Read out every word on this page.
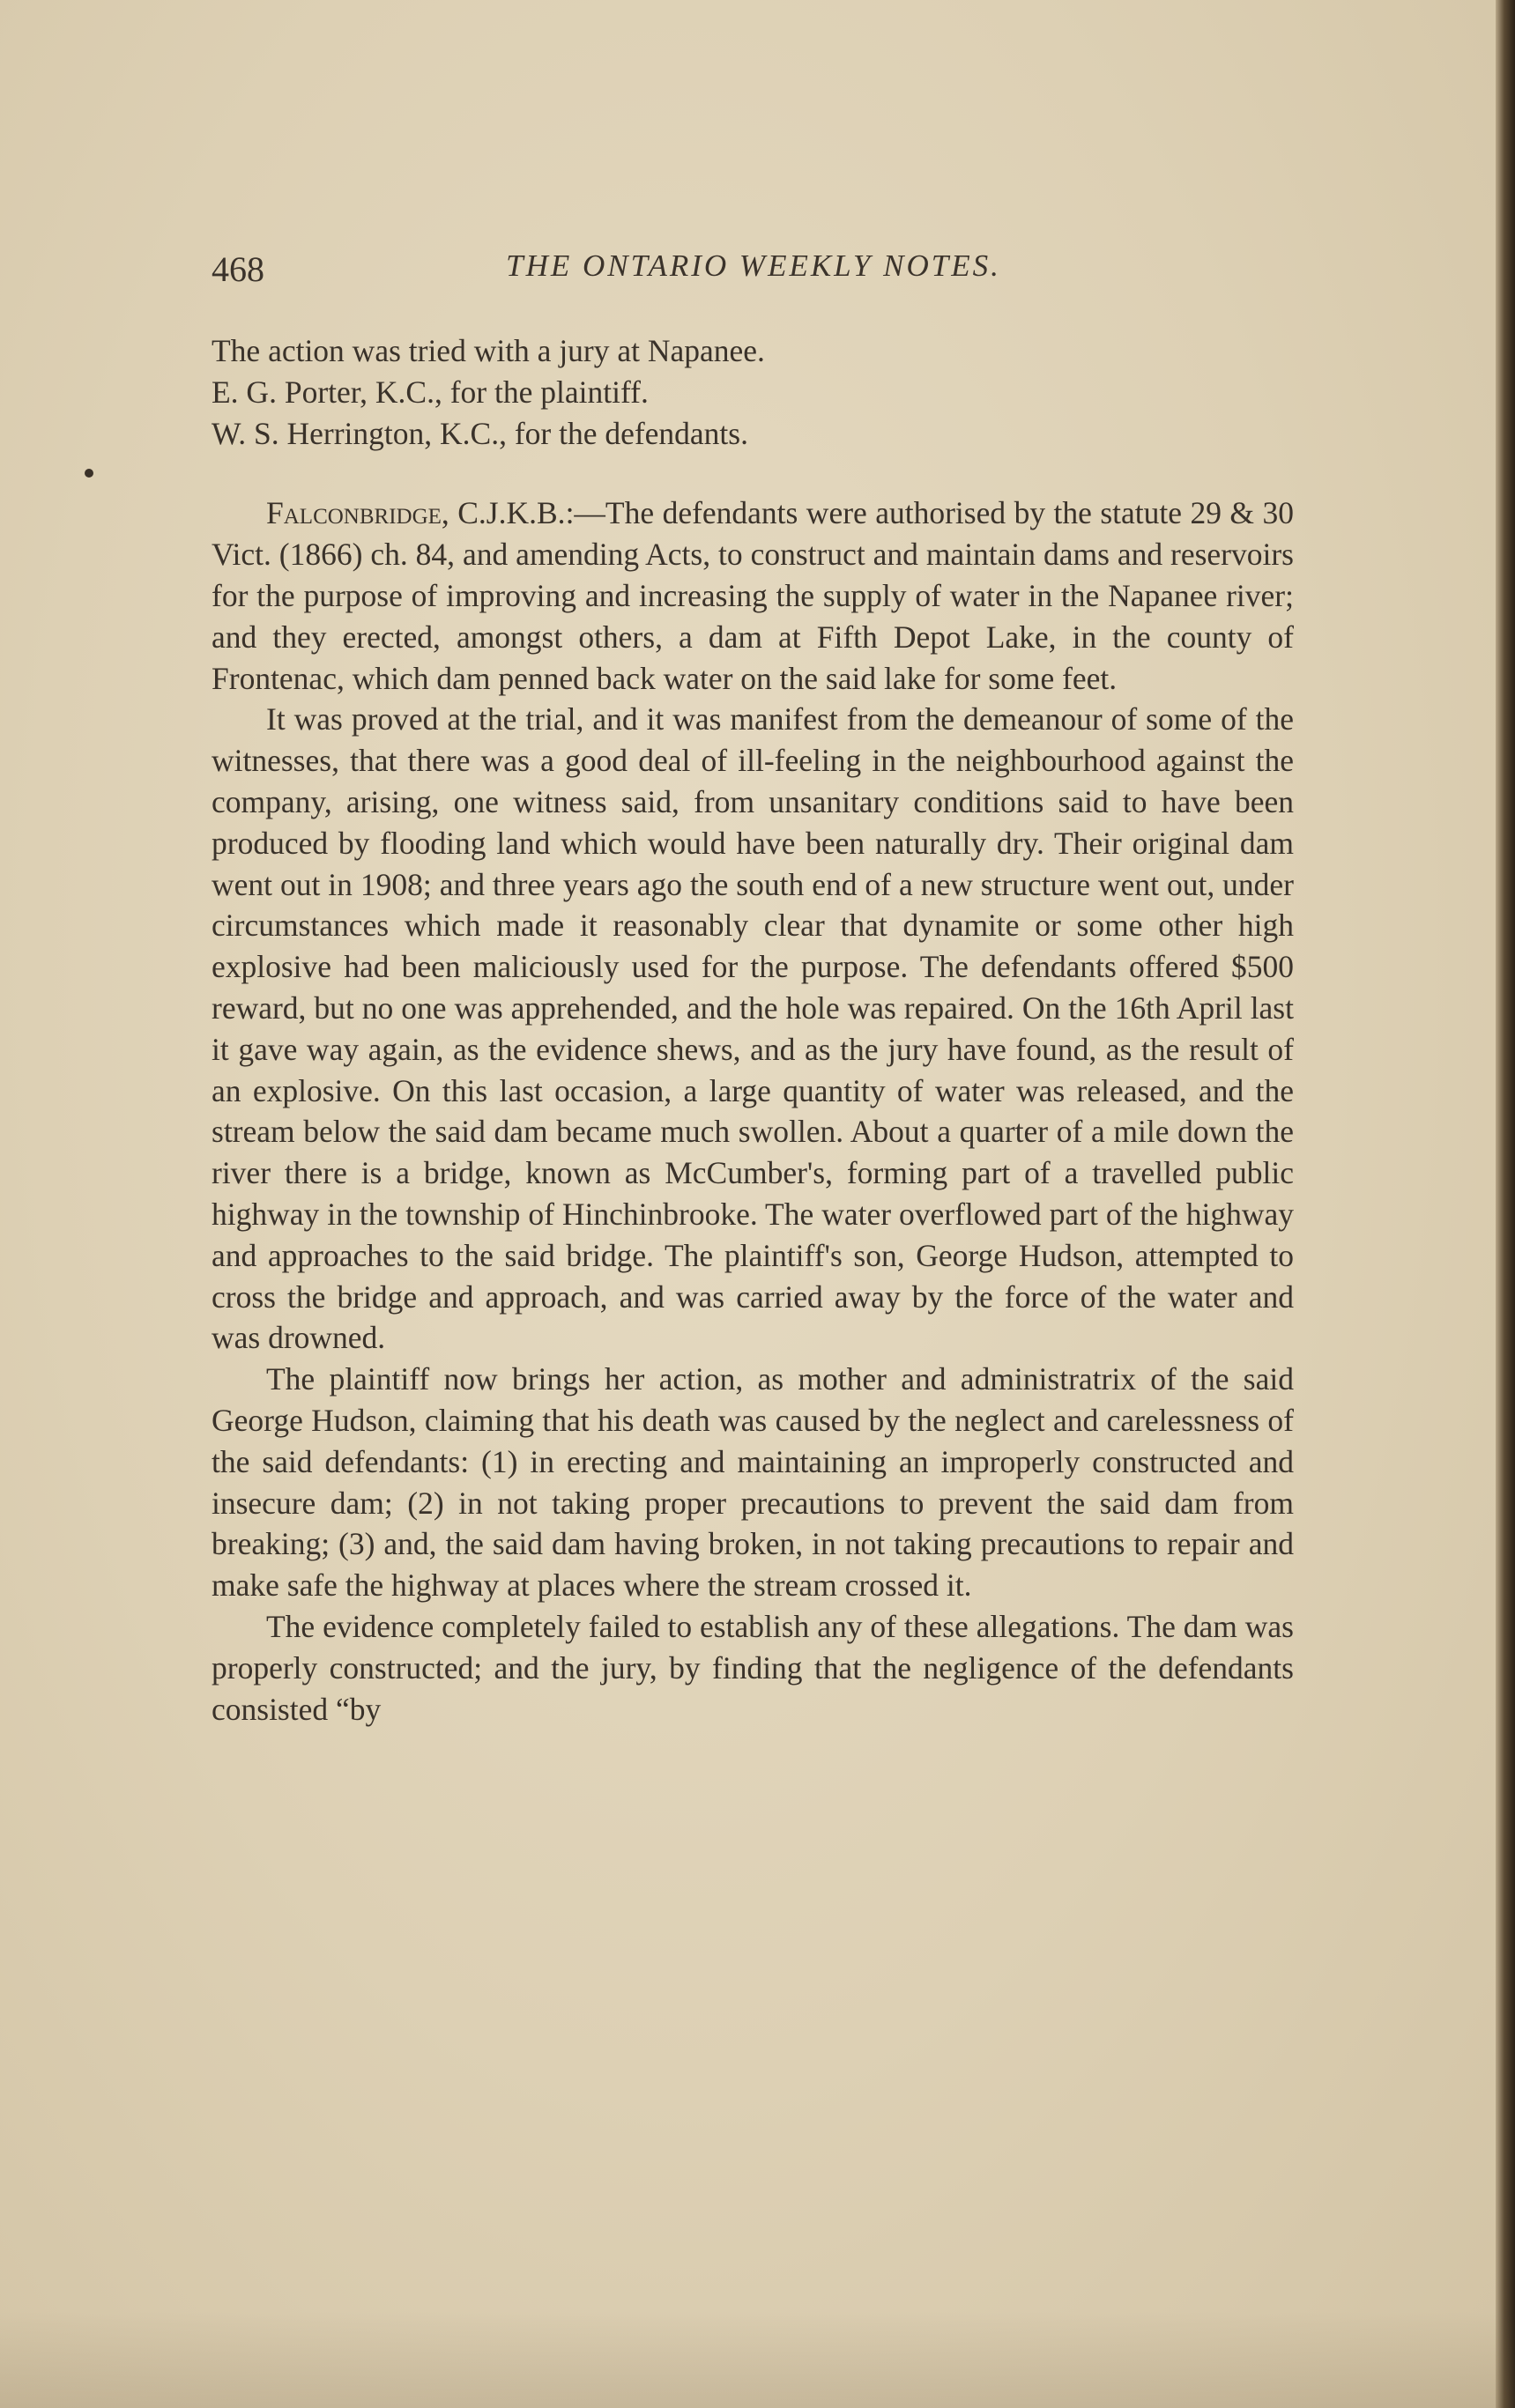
468	THE ONTARIO WEEKLY NOTES.

The action was tried with a jury at Napanee.

E. G. Porter, K.C., for the plaintiff.

W. S. Herrington, K.C., for the defendants.

Falconbridge, C.J.K.B.:—The defendants were authorised by the statute 29 & 30 Vict. (1866) ch. 84, and amending Acts, to construct and maintain dams and reservoirs for the purpose of improving and increasing the supply of water in the Napanee river; and they erected, amongst others, a dam at Fifth Depot Lake, in the county of Frontenac, which dam penned back water on the said lake for some feet.

It was proved at the trial, and it was manifest from the demeanour of some of the witnesses, that there was a good deal of ill-feeling in the neighbourhood against the company, arising, one witness said, from unsanitary conditions said to have been produced by flooding land which would have been naturally dry. Their original dam went out in 1908; and three years ago the south end of a new structure went out, under circumstances which made it reasonably clear that dynamite or some other high explosive had been maliciously used for the purpose. The defendants offered $500 reward, but no one was apprehended, and the hole was repaired. On the 16th April last it gave way again, as the evidence shews, and as the jury have found, as the result of an explosive. On this last occasion, a large quantity of water was released, and the stream below the said dam became much swollen. About a quarter of a mile down the river there is a bridge, known as McCumber's, forming part of a travelled public highway in the township of Hinchinbrooke. The water overflowed part of the highway and approaches to the said bridge. The plaintiff's son, George Hudson, attempted to cross the bridge and approach, and was carried away by the force of the water and was drowned.

The plaintiff now brings her action, as mother and administratrix of the said George Hudson, claiming that his death was caused by the neglect and carelessness of the said defendants: (1) in erecting and maintaining an improperly constructed and insecure dam; (2) in not taking proper precautions to prevent the said dam from breaking; (3) and, the said dam having broken, in not taking precautions to repair and make safe the highway at places where the stream crossed it.

The evidence completely failed to establish any of these allegations. The dam was properly constructed; and the jury, by finding that the negligence of the defendants consisted “by
